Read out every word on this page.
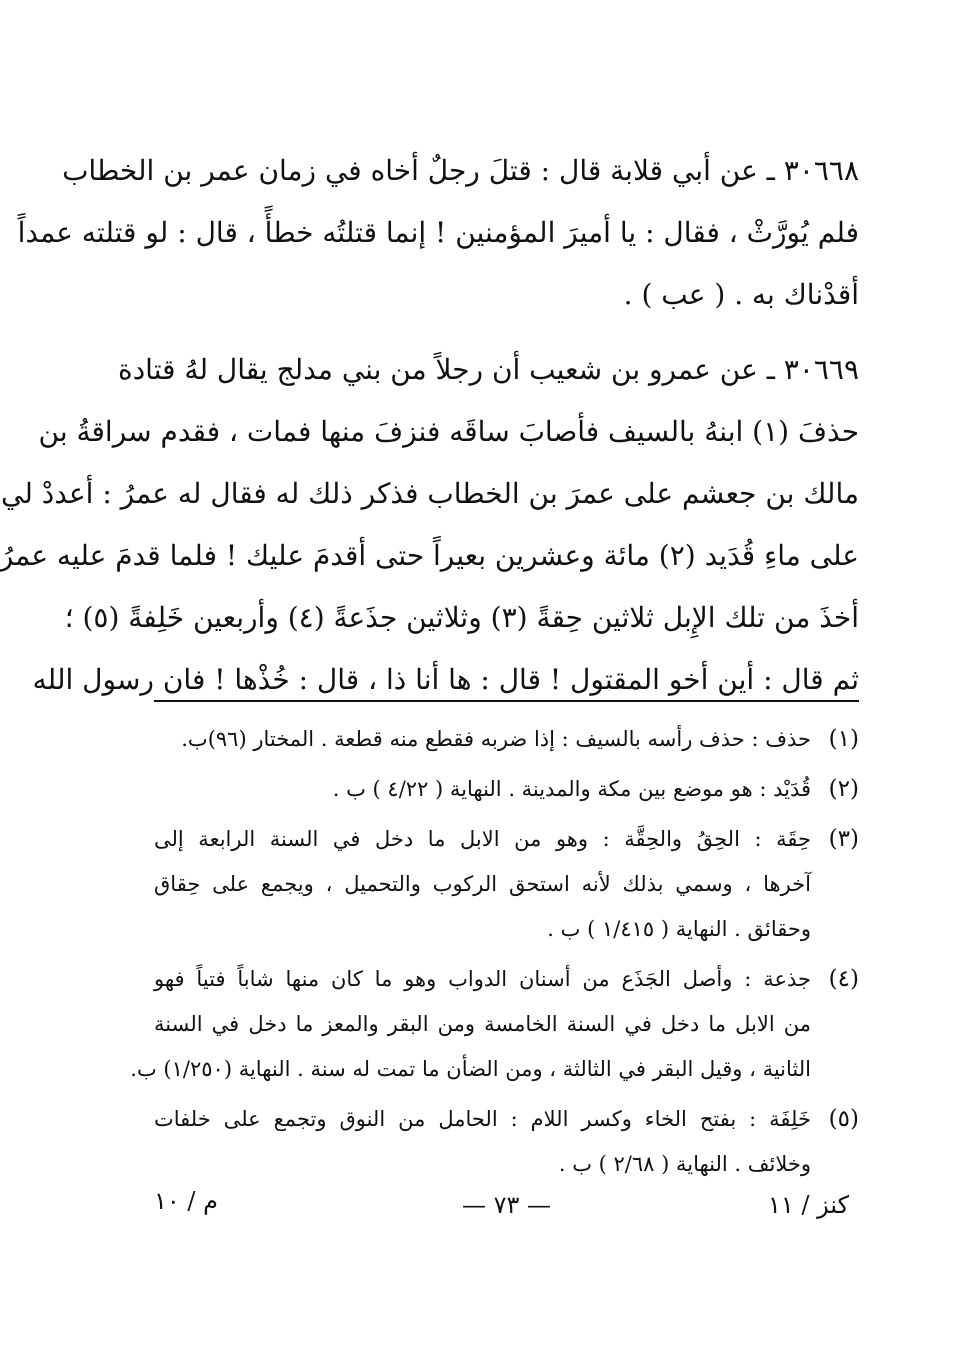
٣٠٦٦٨ ـ عن أبي قلابة قال : قتلَ رجلٌ أخاه في زمان عمر بن الخطاب
فلم يُورَّثْ ، فقال : يا أميرَ المؤمنين ! إنما قتلتُه خطأً ، قال : لو قتلته عمداً
أقدْناك به . ( عب ) .
٣٠٦٦٩ ـ عن عمرو بن شعيب أن رجلاً من بني مدلج يقال لهُ قتادة
حذفَ (١) ابنهُ بالسيف فأصابَ ساقَه فنزفَ منها فمات ، فقدم سراقةُ بن
مالك بن جعشم على عمرَ بن الخطاب فذكر ذلك له فقال له عمرُ : أعددْ لي
على ماءِ قُدَيد (٢) مائة وعشرين بعيراً حتى أقدمَ عليك ! فلما قدمَ عليه عمرُ
أخذَ من تلك الإِبل ثلاثين حِقةً (٣) وثلاثين جذَعةً (٤) وأربعين خَلِفةً (٥) ؛
ثم قال : أين أخو المقتول ! قال : ها أنا ذا ، قال : خُذْها ! فان رسول الله
(١)
حذف : حذف رأسه بالسيف : إذا ضربه فقطع منه قطعة . المختار (٩٦)ب.
(٢)
قُدَيْد : هو موضع بين مكة والمدينة . النهاية ( ٤/٢٢ ) ب .
(٣)
حِقَة : الحِقُ والحِقَّة : وهو من الابل ما دخل في السنة الرابعة إلى
آخرها ، وسمي بذلك لأنه استحق الركوب والتحميل ، ويجمع على حِقاق
وحقائق . النهاية ( ١/٤١٥ ) ب .
(٤)
جذعة : وأصل الجَذَع من أسنان الدواب وهو ما كان منها شاباً فتياً فهو
من الابل ما دخل في السنة الخامسة ومن البقر والمعز ما دخل في السنة
الثانية ، وقيل البقر في الثالثة ، ومن الضأن ما تمت له سنة . النهاية (١/٢٥٠) ب.
(٥)
خَلِفَة : بفتح الخاء وكسر اللام : الحامل من النوق وتجمع على خلفات
وخلائف . النهاية ( ٢/٦٨ ) ب .
كنز / ١١
— ٧٣ —
م / ١٠
